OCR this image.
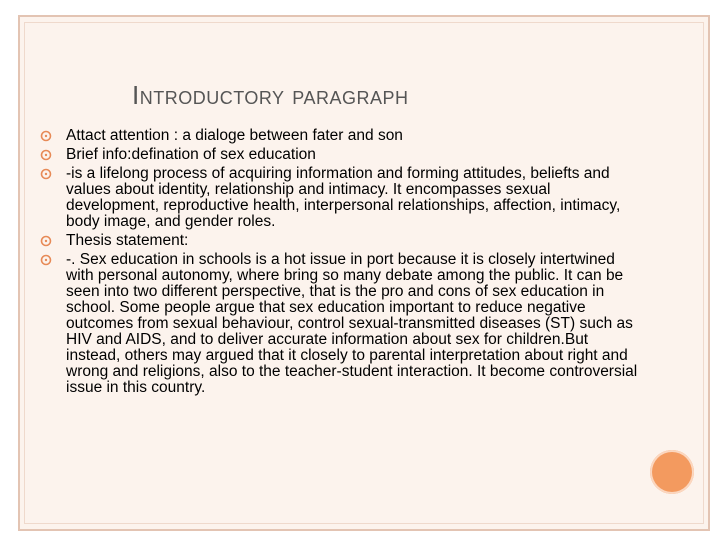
Introductory paragraph
Attact attention : a dialoge between fater and son
Brief info:defination of sex education
-is a lifelong process of acquiring information and forming attitudes, beliefts and values about identity, relationship and intimacy. It encompasses sexual development, reproductive health, interpersonal relationships, affection, intimacy, body image, and gender roles.
Thesis statement:
-. Sex education in schools is a hot issue in port because it is closely intertwined with personal autonomy, where bring so many debate among the public. It can be seen into two different perspective, that is the pro and cons of sex education in school. Some people argue that sex education important to reduce negative outcomes from sexual behaviour, control sexual-transmitted diseases (ST) such as HIV and AIDS, and to deliver accurate information about sex for children.But instead, others may argued that it closely to parental interpretation about right and wrong and religions, also to the teacher-student interaction. It become controversial issue in this country.
